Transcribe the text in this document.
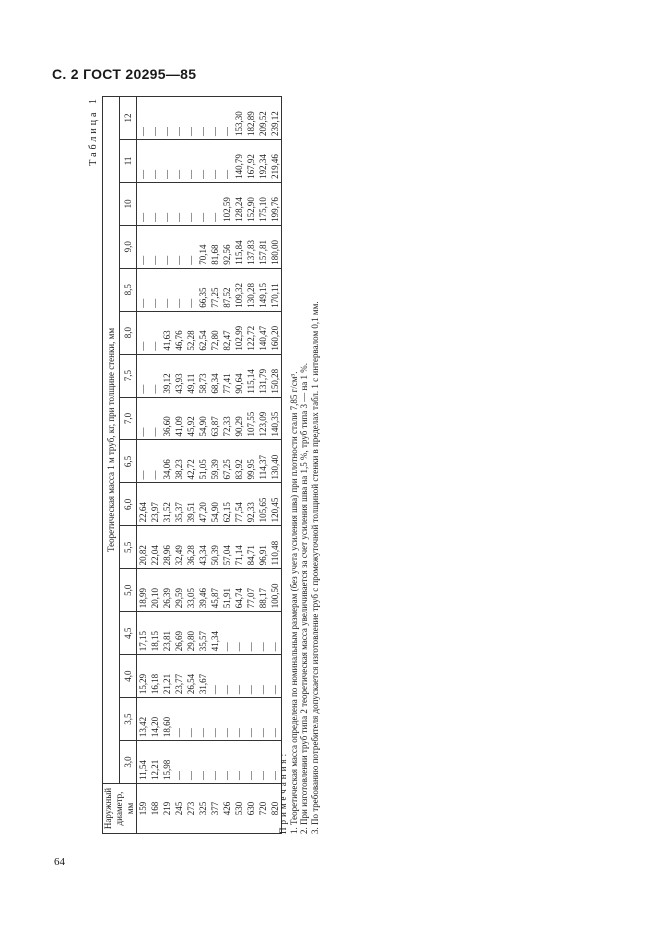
С. 2 ГОСТ 20295—85
Таблица 1
Наружный диаметр, мм	Теоретическая масса 1 м труб, кг, при толщине стенки, мм															
	3,0	3,5	4,0	4,5	5,0	5,5	6,0	6,5	7,0	7,5	8,0	8,5	9,0	10	11	12
159	11,54	13,42	15,29	17,15	18,99	20,82	22,64	—	—	—	—	—	—	—	—	—
168	12,21	14,20	16,18	18,15	20,10	22,04	23,97	—	—	—	—	—	—	—	—	—
219	15,98	18,60	21,21	23,81	26,39	28,96	31,52	34,06	36,60	39,12	41,63	—	—	—	—	—
245	—	—	23,77	26,69	29,59	32,49	35,37	38,23	41,09	43,93	46,76	—	—	—	—	—
273	—	—	26,54	29,80	33,05	36,28	39,51	42,72	45,92	49,11	52,28	—	—	—	—	—
325	—	—	31,67	35,57	39,46	43,34	47,20	51,05	54,90	58,73	62,54	66,35	70,14	—	—	—
377	—	—	—	41,34	45,87	50,39	54,90	59,39	63,87	68,34	72,80	77,25	81,68	—	—	—
426	—	—	—	—	51,91	57,04	62,15	67,25	72,33	77,41	82,47	87,52	92,56	102,59	—	—
530	—	—	—	—	64,74	71,14	77,54	83,92	90,29	90,64	102,99	109,32	115,84	128,24	140,79	153,30
630	—	—	—	—	77,07	84,71	92,33	99,95	107,55	115,14	122,72	130,28	137,83	152,90	167,92	182,89
720	—	—	—	—	88,17	96,91	105,65	114,37	123,09	131,79	140,47	149,15	157,81	175,10	192,34	209,52
820	—	—	—	—	100,50	110,48	120,45	130,40	140,35	150,28	160,20	170,11	180,00	199,76	219,46	239,12
Примечания: 1. Теоретическая масса определена по номинальным размерам (без учета усиления шва) при плотности стали 7,85 г/см³. 2. При изготовлении труб типа 2 теоретическая масса увеличивается за счет усиления шва на 1,5 %, труб типа 3 — на 1 %. 3. По требованию потребителя допускается изготовление труб с промежуточной толщиной стенки в пределах табл. 1 с интервалом 0,1 мм.
64
